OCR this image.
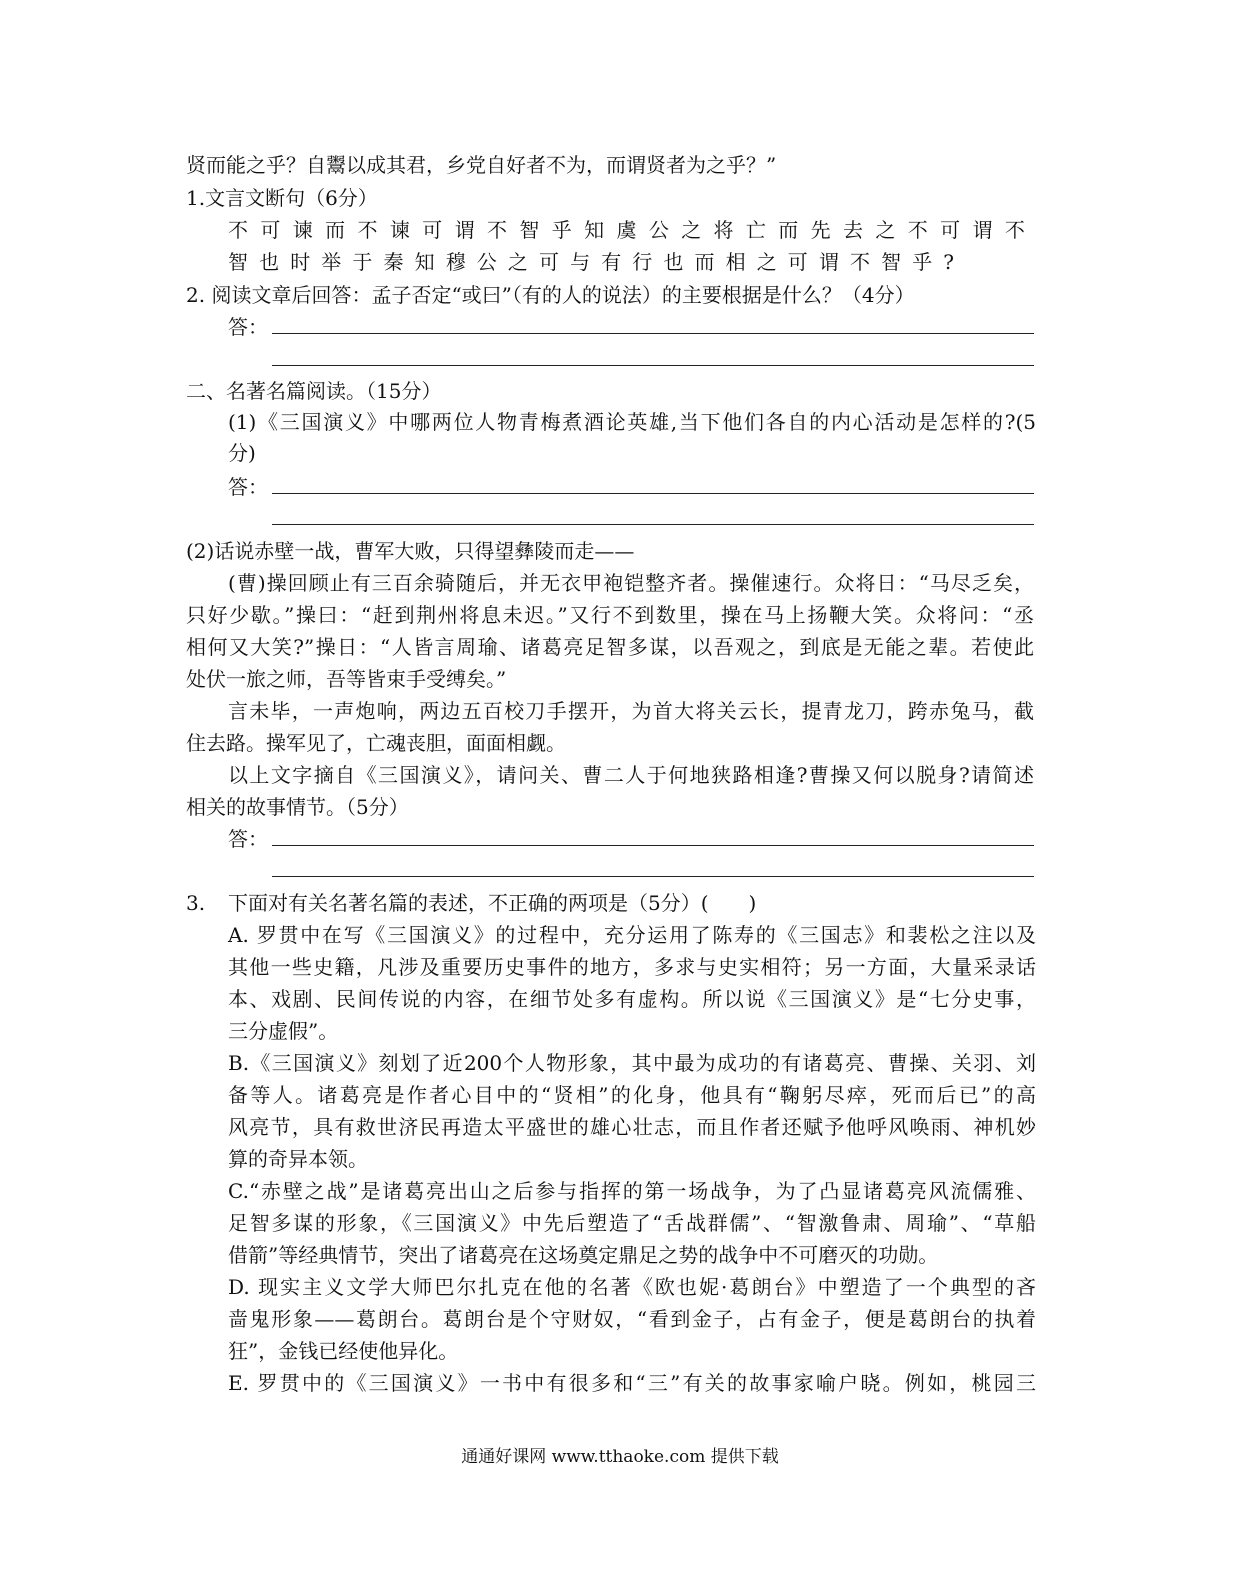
贤而能之乎？自鬻以成其君，乡党自好者不为，而谓贤者为之乎？”
1.文言文断句（6分）
不可谏而不谏可谓不智乎知虞公之将亡而先去之不可谓不
智也时举于秦知穆公之可与有行也而相之可谓不智乎?
2. 阅读文章后回答：孟子否定“或曰”（有的人的说法）的主要根据是什么？（4分）
答：
二、名著名篇阅读。（15分）
(1)《三国演义》中哪两位人物青梅煮酒论英雄,当下他们各自的内心活动是怎样的?(5
分)
答：
(2)话说赤壁一战，曹军大败，只得望彝陵而走——
(曹)操回顾止有三百余骑随后，并无衣甲袍铠整齐者。操催速行。众将日：“马尽乏矣，
只好少歇。”操曰：“赶到荆州将息未迟。”又行不到数里，操在马上扬鞭大笑。众将问：“丞
相何又大笑?”操日：“人皆言周瑜、诸葛亮足智多谋，以吾观之，到底是无能之辈。若使此
处伏一旅之师，吾等皆束手受缚矣。”
言未毕，一声炮响，两边五百校刀手摆开，为首大将关云长，提青龙刀，跨赤兔马，截
住去路。操军见了，亡魂丧胆，面面相觑。
以上文字摘自《三国演义》，请问关、曹二人于何地狭路相逢?曹操又何以脱身?请简述
相关的故事情节。（5分）
答：
3. 下面对有关名著名篇的表述，不正确的两项是（5分）(　　)
A. 罗贯中在写《三国演义》的过程中，充分运用了陈寿的《三国志》和裴松之注以及
其他一些史籍，凡涉及重要历史事件的地方，多求与史实相符；另一方面，大量采录话
本、戏剧、民间传说的内容，在细节处多有虚构。所以说《三国演义》是“七分史事，
三分虚假”。
B.《三国演义》刻划了近200个人物形象，其中最为成功的有诸葛亮、曹操、关羽、刘
备等人。诸葛亮是作者心目中的“贤相”的化身，他具有“鞠躬尽瘁，死而后已”的高
风亮节，具有救世济民再造太平盛世的雄心壮志，而且作者还赋予他呼风唤雨、神机妙
算的奇异本领。
C.“赤壁之战”是诸葛亮出山之后参与指挥的第一场战争，为了凸显诸葛亮风流儒雅、
足智多谋的形象，《三国演义》中先后塑造了“舌战群儒”、“智激鲁肃、周瑜”、“草船
借箭”等经典情节，突出了诸葛亮在这场奠定鼎足之势的战争中不可磨灭的功勋。
D. 现实主义文学大师巴尔扎克在他的名著《欧也妮·葛朗台》中塑造了一个典型的吝
啬鬼形象——葛朗台。葛朗台是个守财奴，“看到金子，占有金子，便是葛朗台的执着
狂”，金钱已经使他异化。
E. 罗贯中的《三国演义》一书中有很多和“三”有关的故事家喻户晓。例如，桃园三
通通好课网 www.tthaoke.com 提供下载
